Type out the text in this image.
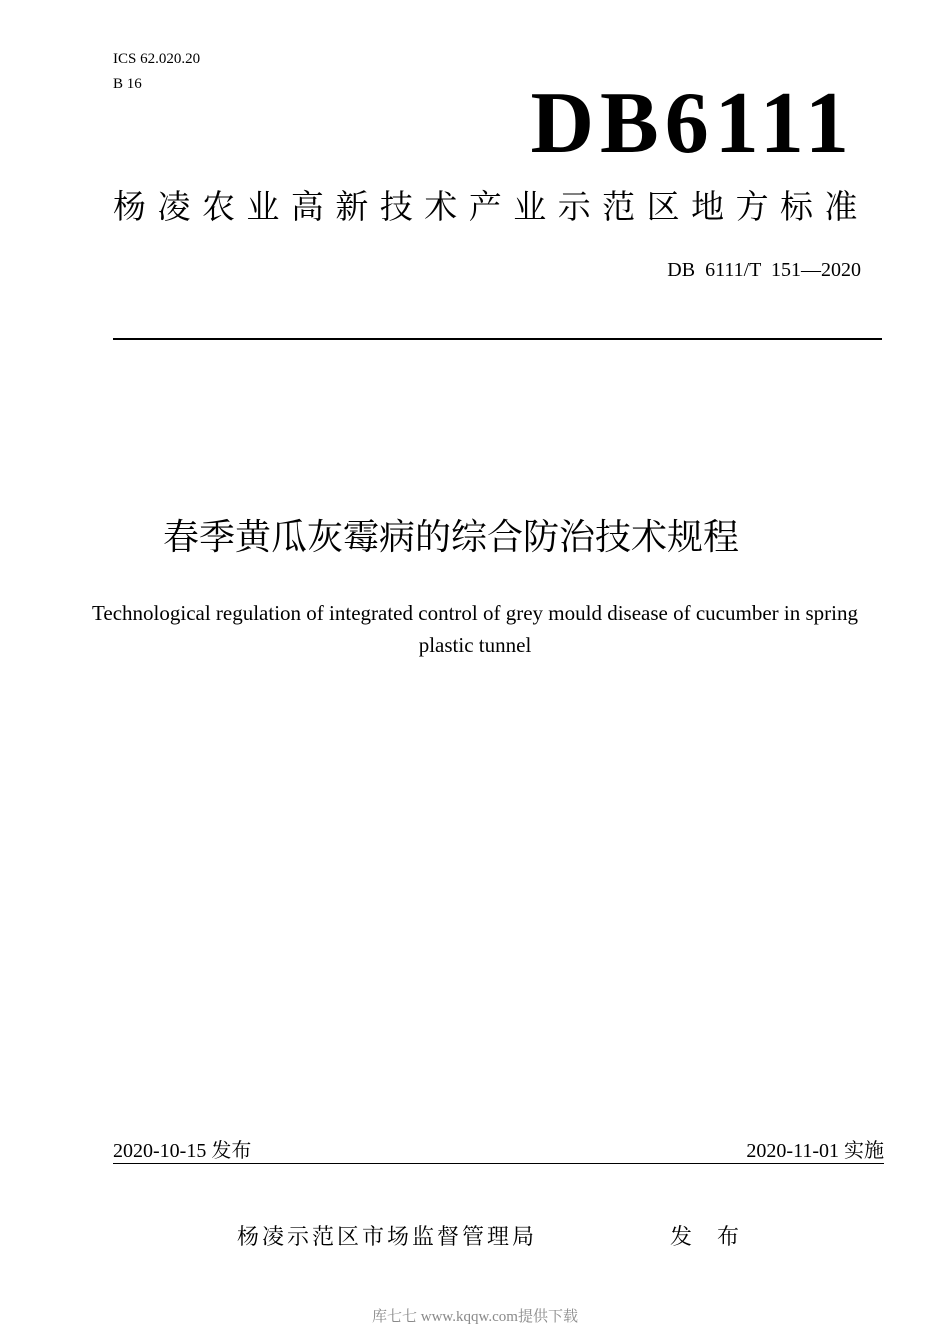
ICS 62.020.20
B 16	DB6111
杨凌农业高新技术产业示范区地方标准
DB  6111/T  151—2020
春季黄瓜灰霉病的综合防治技术规程
Technological regulation of integrated control of grey mould disease of cucumber in spring plastic tunnel
2020-10-15 发布	2020-11-01 实施
杨凌示范区市场监督管理局	发 布
库七七 www.kqqw.com提供下载
